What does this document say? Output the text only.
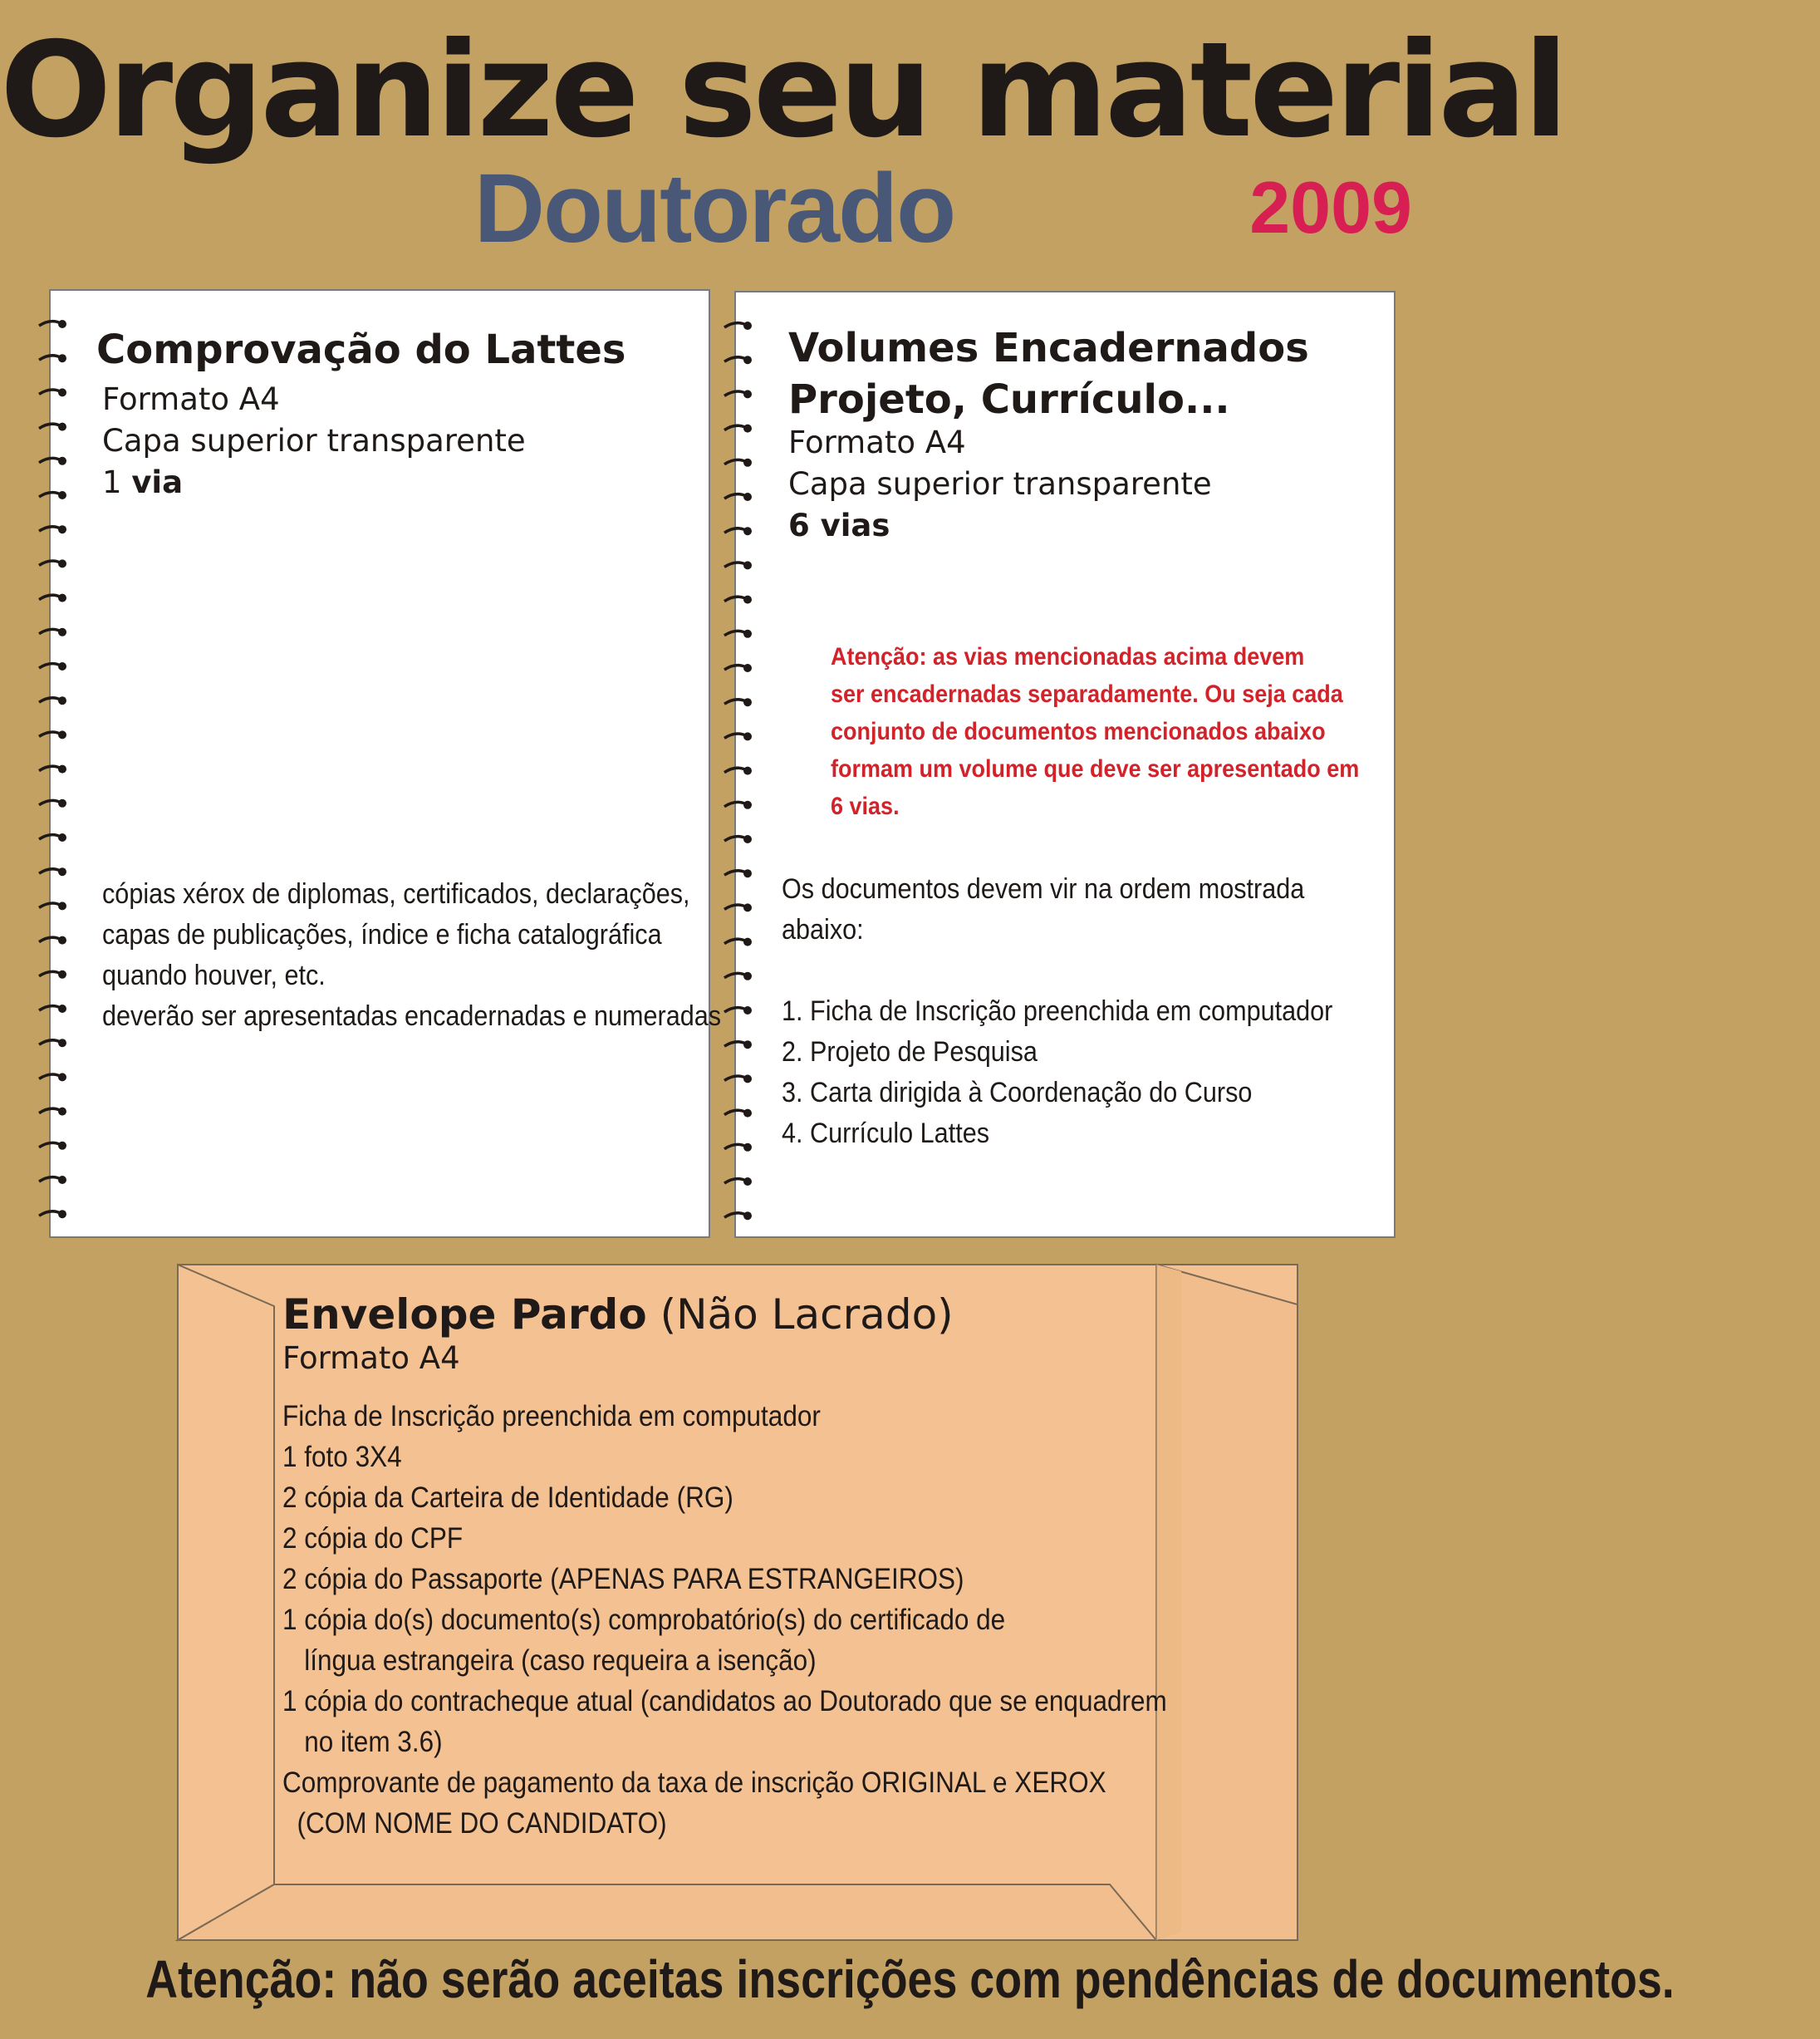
Organize seu material
Doutorado	2009
Comprovação do Lattes
Formato A4
Capa superior transparente
1 via
cópias xérox de diplomas, certificados, declarações,
capas de publicações, índice e ficha catalográfica
quando houver, etc.
deverão ser apresentadas encadernadas e numeradas
Volumes Encadernados
Projeto, Currículo...
Formato A4
Capa superior transparente
6 vias
Atenção: as vias mencionadas acima devem
ser encadernadas separadamente. Ou seja cada
conjunto de documentos mencionados abaixo
formam um volume que deve ser apresentado em
6 vias.
Os documentos devem vir na ordem mostrada
abaixo:
1. Ficha de Inscrição preenchida em computador
2. Projeto de Pesquisa
3. Carta dirigida à Coordenação do Curso
4. Currículo Lattes
Envelope Pardo (Não Lacrado)
Formato A4
Ficha de Inscrição preenchida em computador
1 foto 3X4
2 cópia da Carteira de Identidade (RG)
2 cópia do CPF
2 cópia do Passaporte (APENAS PARA ESTRANGEIROS)
1 cópia do(s) documento(s) comprobatório(s) do certificado de
língua estrangeira (caso requeira a isenção)
1 cópia do contracheque atual (candidatos ao Doutorado que se enquadrem
no item 3.6)
Comprovante de pagamento da taxa de inscrição ORIGINAL e XEROX
(COM NOME DO CANDIDATO)
Atenção: não serão aceitas inscrições com pendências de documentos.
